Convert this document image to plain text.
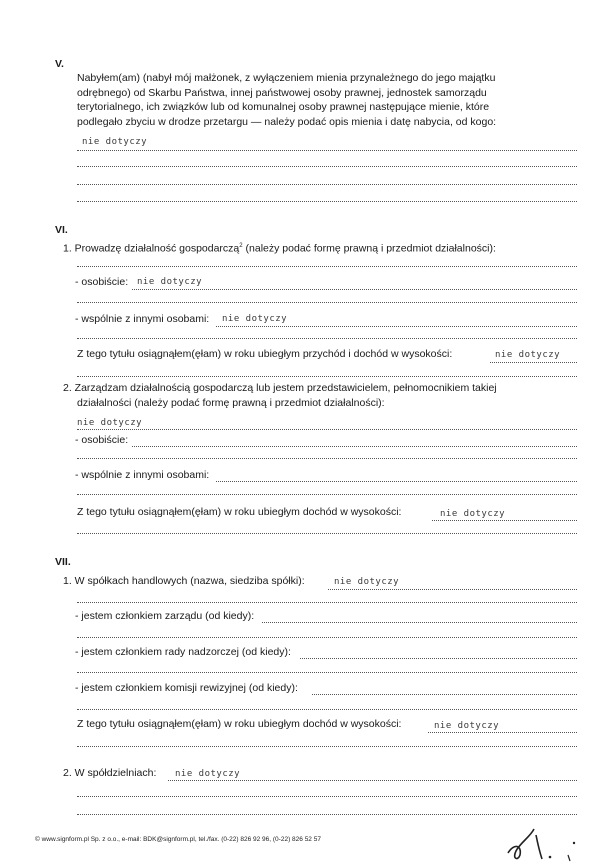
V.
Nabyłem(am) (nabył mój małżonek, z wyłączeniem mienia przynależnego do jego majątku
odrębnego) od Skarbu Państwa, innej państwowej osoby prawnej, jednostek samorządu
terytorialnego, ich związków lub od komunalnej osoby prawnej następujące mienie, które
podlegało zbyciu w drodze przetargu — należy podać opis mienia i datę nabycia, od kogo:
nie dotyczy
VI.
1. Prowadzę działalność gospodarczą$^2$ (należy podać formę prawną i przedmiot działalności):
- osobiście: nie dotyczy
- wspólnie z innymi osobami: nie dotyczy
Z tego tytułu osiągnąłem(ęłam) w roku ubiegłym przychód i dochód w wysokości:	nie dotyczy
2. Zarządzam działalnością gospodarczą lub jestem przedstawicielem, pełnomocnikiem takiej
działalności (należy podać formę prawną i przedmiot działalności):
nie dotyczy
- osobiście:
- wspólnie z innymi osobami:
Z tego tytułu osiągnąłem(ęłam) w roku ubiegłym dochód w wysokości:	nie dotyczy
VII.
1. W spółkach handlowych (nazwa, siedziba spółki):	nie dotyczy
- jestem członkiem zarządu (od kiedy):
- jestem członkiem rady nadzorczej (od kiedy):
- jestem członkiem komisji rewizyjnej (od kiedy):
Z tego tytułu osiągnąłem(ęłam) w roku ubiegłym dochód w wysokości:	nie dotyczy
2. W spółdzielniach: nie dotyczy
© www.signform.pl Sp. z o.o., e-mail: BDK@signform.pl, tel./fax. (0-22) 826 92 96, (0-22) 826 52 57
